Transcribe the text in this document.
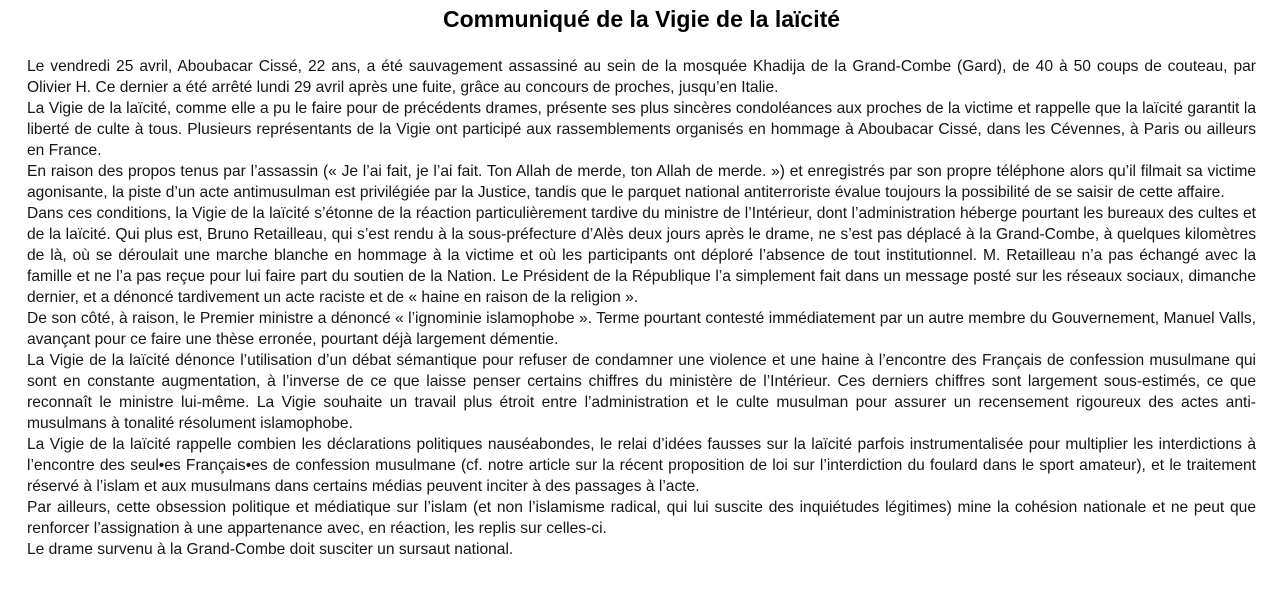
Communiqué de la Vigie de la laïcité

Le vendredi 25 avril, Aboubacar Cissé, 22 ans, a été sauvagement assassiné au sein de la mosquée Khadija de la Grand-Combe (Gard), de 40 à 50 coups de couteau, par Olivier H. Ce dernier a été arrêté lundi 29 avril après une fuite, grâce au concours de proches, jusqu’en Italie.

La Vigie de la laïcité, comme elle a pu le faire pour de précédents drames, présente ses plus sincères condoléances aux proches de la victime et rappelle que la laïcité garantit la liberté de culte à tous. Plusieurs représentants de la Vigie ont participé aux rassemblements organisés en hommage à Aboubacar Cissé, dans les Cévennes, à Paris ou ailleurs en France.

En raison des propos tenus par l’assassin (« Je l’ai fait, je l’ai fait. Ton Allah de merde, ton Allah de merde. ») et enregistrés par son propre téléphone alors qu’il filmait sa victime agonisante, la piste d’un acte antimusulman est privilégiée par la Justice, tandis que le parquet national antiterroriste évalue toujours la possibilité de se saisir de cette affaire.

Dans ces conditions, la Vigie de la laïcité s’étonne de la réaction particulièrement tardive du ministre de l’Intérieur, dont l’administration héberge pourtant les bureaux des cultes et de la laïcité. Qui plus est, Bruno Retailleau, qui s’est rendu à la sous-préfecture d’Alès deux jours après le drame, ne s’est pas déplacé à la Grand-Combe, à quelques kilomètres de là, où se déroulait une marche blanche en hommage à la victime et où les participants ont déploré l’absence de tout institutionnel. M. Retailleau n’a pas échangé avec la famille et ne l’a pas reçue pour lui faire part du soutien de la Nation. Le Président de la République l’a simplement fait dans un message posté sur les réseaux sociaux, dimanche dernier, et a dénoncé tardivement un acte raciste et de « haine en raison de la religion ».

De son côté, à raison, le Premier ministre a dénoncé « l’ignominie islamophobe ». Terme pourtant contesté immédiatement par un autre membre du Gouvernement, Manuel Valls, avançant pour ce faire une thèse erronée, pourtant déjà largement démentie.

La Vigie de la laïcité dénonce l’utilisation d’un débat sémantique pour refuser de condamner une violence et une haine à l’encontre des Français de confession musulmane qui sont en constante augmentation, à l’inverse de ce que laisse penser certains chiffres du ministère de l’Intérieur. Ces derniers chiffres sont largement sous-estimés, ce que reconnaît le ministre lui-même. La Vigie souhaite un travail plus étroit entre l’administration et le culte musulman pour assurer un recensement rigoureux des actes anti-musulmans à tonalité résolument islamophobe.

La Vigie de la laïcité rappelle combien les déclarations politiques nauséabondes, le relai d’idées fausses sur la laïcité parfois instrumentalisée pour multiplier les interdictions à l’encontre des seul•es Français•es de confession musulmane (cf. notre article sur la récent proposition de loi sur l’interdiction du foulard dans le sport amateur), et le traitement réservé à l’islam et aux musulmans dans certains médias peuvent inciter à des passages à l’acte.

Par ailleurs, cette obsession politique et médiatique sur l’islam (et non l’islamisme radical, qui lui suscite des inquiétudes légitimes) mine la cohésion nationale et ne peut que renforcer l’assignation à une appartenance avec, en réaction, les replis sur celles-ci.

Le drame survenu à la Grand-Combe doit susciter un sursaut national.
